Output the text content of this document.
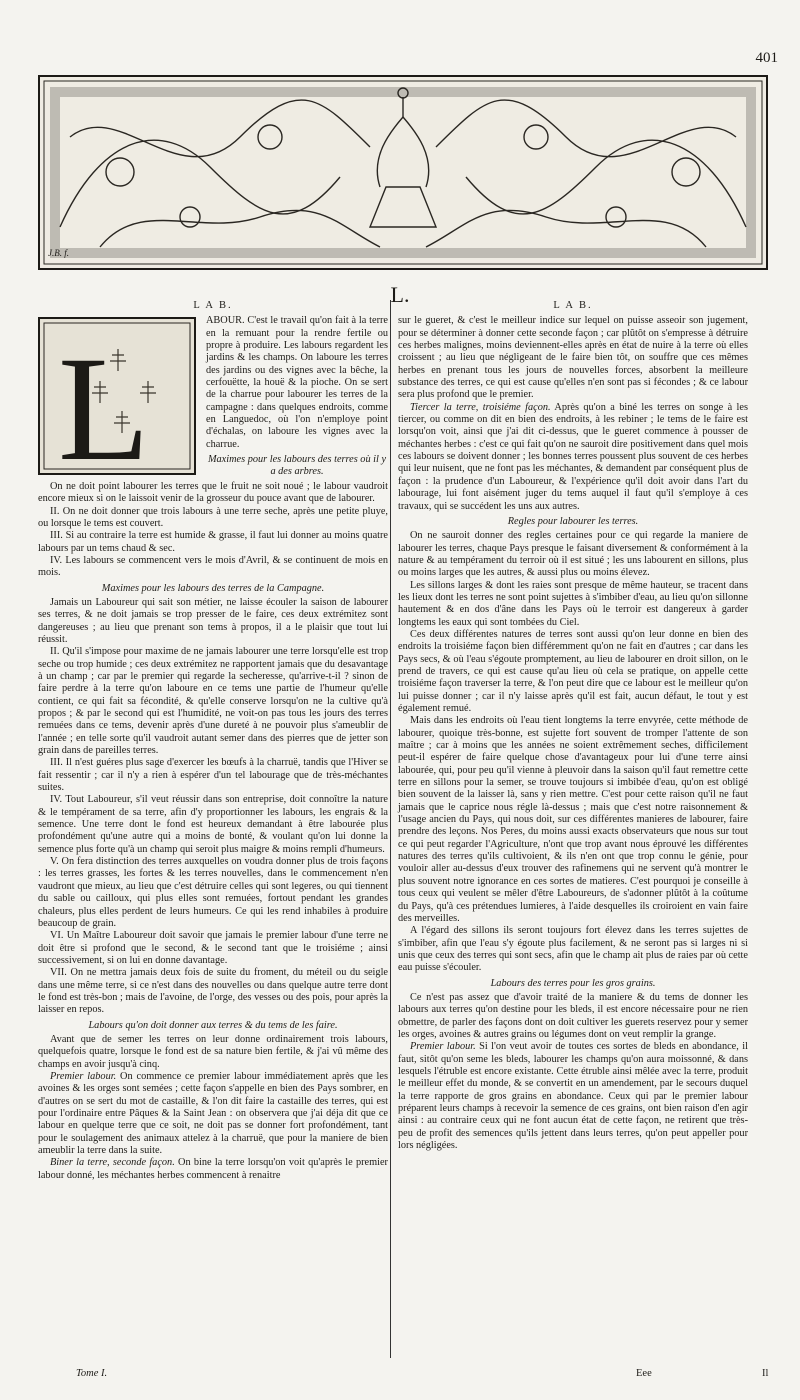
401
J.B. f.
L.
L A B.
L

ABOUR. C'est le travail qu'on fait à la terre en la remuant pour la rendre fertile ou propre à produire. Les labours regardent les jardins & les champs. On laboure les terres des jardins ou des vignes avec la bêche, la cerfouëtte, la houë & la pioche. On se sert de la charrue pour labourer les terres de la campagne : dans quelques endroits, comme en Languedoc, où l'on n'employe point d'échalas, on laboure les vignes avec la charrue.

Maximes pour les labours des terres où il y a des arbres.

On ne doit point labourer les terres que le fruit ne soit noué ; le labour vaudroit encore mieux si on le laissoit venir de la grosseur du pouce avant que de labourer.

II. On ne doit donner que trois labours à une terre seche, après une petite pluye, ou lorsque le tems est couvert.

III. Si au contraire la terre est humide & grasse, il faut lui donner au moins quatre labours par un tems chaud & sec.

IV. Les labours se commencent vers le mois d'Avril, & se continuent de mois en mois.

Maximes pour les labours des terres de la Campagne.

Jamais un Laboureur qui sait son métier, ne laisse écouler la saison de labourer ses terres, & ne doit jamais se trop presser de le faire, ces deux extrémitez sont dangereuses ; au lieu que prenant son tems à propos, il a le plaisir que tout lui réussit.

II. Qu'il s'impose pour maxime de ne jamais labourer une terre lorsqu'elle est trop seche ou trop humide ; ces deux extrémitez ne rapportent jamais que du desavantage à un champ ; car par le premier qui regarde la secheresse, qu'arrive-t-il ? sinon de faire perdre à la terre qu'on laboure en ce tems une partie de l'humeur qu'elle contient, ce qui fait sa fécondité, & qu'elle conserve lorsqu'on ne la cultive qu'à propos ; & par le second qui est l'humidité, ne voit-on pas tous les jours des terres remuées dans ce tems, devenir après d'une dureté à ne pouvoir plus s'ameublir de l'année ; en telle sorte qu'il vaudroit autant semer dans des pierres que de jetter son grain dans de pareilles terres.

III. Il n'est guéres plus sage d'exercer les bœufs à la charruë, tandis que l'Hiver se fait ressentir ; car il n'y a rien à espérer d'un tel labourage que de très-méchantes suites.

IV. Tout Laboureur, s'il veut réussir dans son entreprise, doit connoître la nature & le tempérament de sa terre, afin d'y proportionner les labours, les engrais & la semence. Une terre dont le fond est heureux demandant à être labourée plus profondément qu'une autre qui a moins de bonté, & voulant qu'on lui donne la semence plus forte qu'à un champ qui seroit plus maigre & moins rempli d'humeurs.

V. On fera distinction des terres auxquelles on voudra donner plus de trois façons : les terres grasses, les fortes & les terres nouvelles, dans le commencement n'en vaudront que mieux, au lieu que c'est détruire celles qui sont legeres, ou qui tiennent du sable ou cailloux, qui plus elles sont remuées, fortout pendant les grandes chaleurs, plus elles perdent de leurs humeurs. Ce qui les rend inhabiles à produire beaucoup de grain.

VI. Un Maître Laboureur doit savoir que jamais le premier labour d'une terre ne doit être si profond que le second, & le second tant que le troisiéme ; ainsi successivement, si on lui en donne davantage.

VII. On ne mettra jamais deux fois de suite du froment, du méteil ou du seigle dans une même terre, si ce n'est dans des nouvelles ou dans quelque autre terre dont le fond est très-bon ; mais de l'avoine, de l'orge, des vesses ou des pois, pour après la laisser en repos.

Labours qu'on doit donner aux terres & du tems de les faire.

Avant que de semer les terres on leur donne ordinairement trois labours, quelquefois quatre, lorsque le fond est de sa nature bien fertile, & j'ai vû même des champs en avoir jusqu'à cinq.

Premier labour. On commence ce premier labour immédiatement après que les avoines & les orges sont semées ; cette façon s'appelle en bien des Pays sombrer, en d'autres on se sert du mot de castaille, & l'on dit faire la castaille des terres, qui est pour l'ordinaire entre Pâques & la Saint Jean : on observera que j'ai déja dit que ce labour en quelque terre que ce soit, ne doit pas se donner fort profondément, tant pour le soulagement des animaux attelez à la charruë, que pour la maniere de bien ameublir la terre dans la suite.

Biner la terre, seconde façon. On bine la terre lorsqu'on voit qu'après le premier labour donné, les méchantes herbes commencent à renaitre

L A B.

sur le gueret, & c'est le meilleur indice sur lequel on puisse asseoir son jugement, pour se déterminer à donner cette seconde façon ; car plûtôt on s'empresse à détruire ces herbes malignes, moins deviennent-elles après en état de nuire à la terre où elles croissent ; au lieu que négligeant de le faire bien tôt, on souffre que ces mêmes herbes en prenant tous les jours de nouvelles forces, absorbent la meilleure substance des terres, ce qui est cause qu'elles n'en sont pas si fécondes ; & ce labour sera plus profond que le premier.

Tiercer la terre, troisiéme façon. Après qu'on a biné les terres on songe à les tiercer, ou comme on dit en bien des endroits, à les rebiner ; le tems de le faire est lorsqu'on voit, ainsi que j'ai dit ci-dessus, que le gueret commence à pousser de méchantes herbes : c'est ce qui fait qu'on ne sauroit dire positivement dans quel mois ces labours se doivent donner ; les bonnes terres poussent plus souvent de ces herbes qui leur nuisent, que ne font pas les méchantes, & demandent par conséquent plus de façon : la prudence d'un Laboureur, & l'expérience qu'il doit avoir dans l'art du labourage, lui font aisément juger du tems auquel il faut qu'il s'employe à ces travaux, qui se succédent les uns aux autres.

Regles pour labourer les terres.

On ne sauroit donner des regles certaines pour ce qui regarde la maniere de labourer les terres, chaque Pays presque le faisant diversement & conformément à la nature & au tempérament du terroir où il est situé ; les uns labourent en sillons, plus ou moins larges que les autres, & aussi plus ou moins élevez.

Les sillons larges & dont les raies sont presque de même hauteur, se tracent dans les lieux dont les terres ne sont point sujettes à s'imbiber d'eau, au lieu qu'on sillonne hautement & en dos d'âne dans les Pays où le terroir est dangereux à garder longtems les eaux qui sont tombées du Ciel.

Ces deux différentes natures de terres sont aussi qu'on leur donne en bien des endroits la troisiéme façon bien différemment qu'on ne fait en d'autres ; car dans les Pays secs, & où l'eau s'égoute promptement, au lieu de labourer en droit sillon, on le prend de travers, ce qui est cause qu'au lieu où cela se pratique, on appelle cette troisiéme façon traverser la terre, & l'on peut dire que ce labour est le meilleur qu'on lui puisse donner ; car il n'y laisse après qu'il est fait, aucun défaut, le tout y est également remué.

Mais dans les endroits où l'eau tient longtems la terre envyrée, cette méthode de labourer, quoique très-bonne, est sujette fort souvent de tromper l'attente de son maître ; car à moins que les années ne soient extrêmement seches, difficilement peut-il espérer de faire quelque chose d'avantageux pour lui d'une terre ainsi labourée, qui, pour peu qu'il vienne à pleuvoir dans la saison qu'il faut remettre cette terre en sillons pour la semer, se trouve toujours si imbibée d'eau, qu'on est obligé bien souvent de la laisser là, sans y rien mettre. C'est pour cette raison qu'il ne faut jamais que le caprice nous régle là-dessus ; mais que c'est notre raisonnement & l'usage ancien du Pays, qui nous doit, sur ces différentes manieres de labourer, faire prendre des leçons. Nos Peres, du moins aussi exacts observateurs que nous sur tout ce qui peut regarder l'Agriculture, n'ont que trop avant nous éprouvé les différentes natures des terres qu'ils cultivoient, & ils n'en ont que trop connu le génie, pour vouloir aller au-dessus d'eux trouver des rafinemens qui ne servent qu'à montrer le plus souvent notre ignorance en ces sortes de matieres. C'est pourquoi je conseille à tous ceux qui veulent se mêler d'être Laboureurs, de s'adonner plûtôt à la coûtume du Pays, qu'à ces prétendues lumieres, à l'aide desquelles ils croiroient en vain faire des merveilles.

A l'égard des sillons ils seront toujours fort élevez dans les terres sujettes de s'imbiber, afin que l'eau s'y égoute plus facilement, & ne seront pas si larges ni si unis que ceux des terres qui sont secs, afin que le champ ait plus de raies par où cette eau puisse s'écouler.

Labours des terres pour les gros grains.

Ce n'est pas assez que d'avoir traité de la maniere & du tems de donner les labours aux terres qu'on destine pour les bleds, il est encore nécessaire pour ne rien obmettre, de parler des façons dont on doit cultiver les guerets reservez pour y semer les orges, avoines & autres grains ou légumes dont on veut remplir la grange.

Premier labour. Si l'on veut avoir de toutes ces sortes de bleds en abondance, il faut, sitôt qu'on seme les bleds, labourer les champs qu'on aura moissonné, & dans lesquels l'étruble est encore existante. Cette étruble ainsi mêlée avec la terre, produit le meilleur effet du monde, & se convertit en un amendement, par le secours duquel la terre rapporte de gros grains en abondance. Ceux qui par le premier labour préparent leurs champs à recevoir la semence de ces grains, ont bien raison d'en agir ainsi : au contraire ceux qui ne font aucun état de cette façon, ne retirent que très-peu de profit des semences qu'ils jettent dans leurs terres, qu'on peut appeller pour lors négligées.

Tome I.	Eee	Il
